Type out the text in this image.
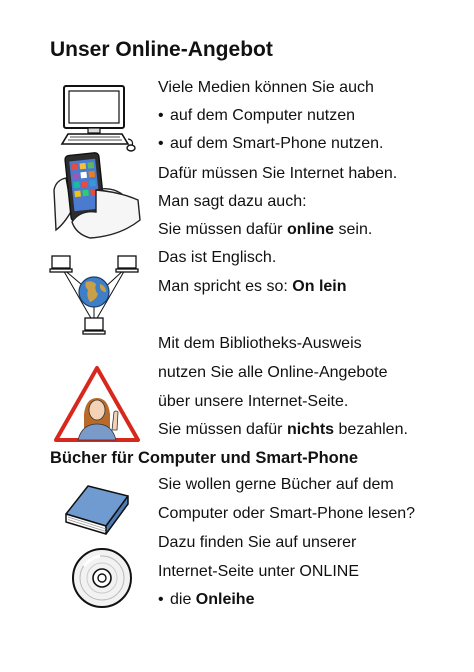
Unser Online-Angebot
Viele Medien können Sie auch
• auf dem Computer nutzen
• auf dem Smart-Phone nutzen.
Dafür müssen Sie Internet haben.
Man sagt dazu auch:
Sie müssen dafür online sein.
Das ist Englisch.
Man spricht es so: On lein
Mit dem Bibliotheks-Ausweis
nutzen Sie alle Online-Angebote
über unsere Internet-Seite.
Sie müssen dafür nichts bezahlen.
Bücher für Computer und Smart-Phone
Sie wollen gerne Bücher auf dem
Computer oder Smart-Phone lesen?
Dazu finden Sie auf unserer
Internet-Seite unter ONLINE
• die Onleihe
